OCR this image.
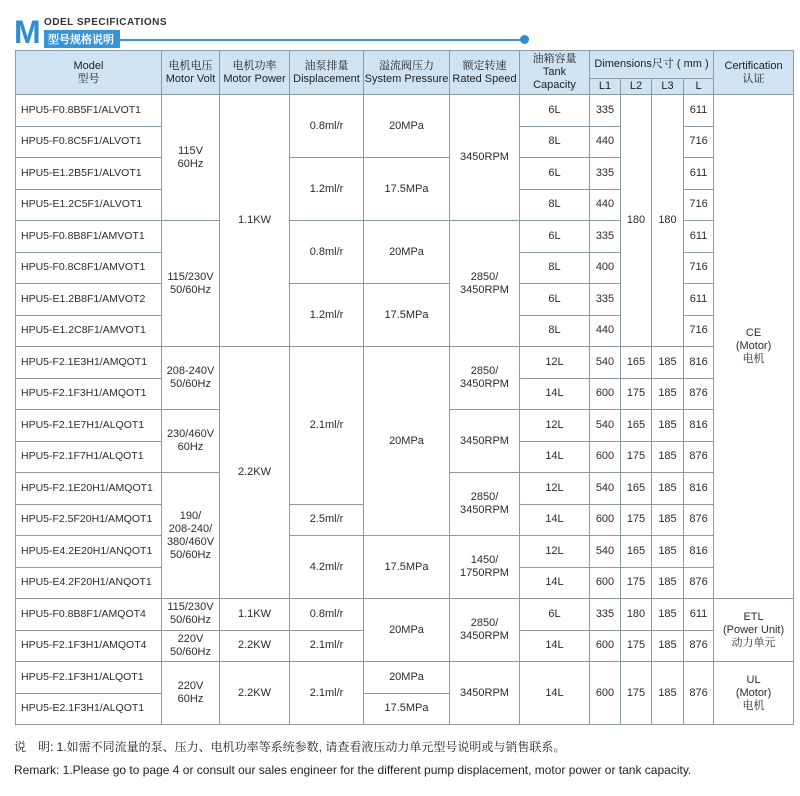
M ODEL SPECIFICATIONS
型号规格说明
Model
型号	电机电压
Motor Volt	电机功率
Motor Power	油泵排量
Displacement	溢流阀压力
System Pressure	额定转速
Rated Speed	油箱容量
Tank Capacity	Dimensions尺寸 ( mm )				Certification
认证
							L1	L2	L3	L	
HPU5-F0.8B5F1/ALVOT1	115V
60Hz	1.1KW	0.8ml/r	20MPa	3450RPM	6L	335	180	180	611	CE
(Motor)
电机
HPU5-F0.8C5F1/ALVOT1						8L	440			716	
HPU5-E1.2B5F1/ALVOT1			1.2ml/r	17.5MPa		6L	335			611	
HPU5-E1.2C5F1/ALVOT1						8L	440			716	
HPU5-F0.8B8F1/AMVOT1	115/230V
50/60Hz		0.8ml/r	20MPa	2850/
3450RPM	6L	335			611	
HPU5-F0.8C8F1/AMVOT1						8L	400			716	
HPU5-E1.2B8F1/AMVOT2			1.2ml/r	17.5MPa		6L	335			611	
HPU5-E1.2C8F1/AMVOT1						8L	440			716	
HPU5-F2.1E3H1/AMQOT1	208-240V
50/60Hz	2.2KW	2.1ml/r	20MPa	2850/
3450RPM	12L	540	165	185	816	
HPU5-F2.1F3H1/AMQOT1						14L	600	175	185	876	
HPU5-F2.1E7H1/ALQOT1	230/460V
60Hz				3450RPM	12L	540	165	185	816	
HPU5-F2.1F7H1/ALQOT1						14L	600	175	185	876	
HPU5-F2.1E20H1/AMQOT1	190/
208-240/
380/460V
50/60Hz				2850/
3450RPM	12L	540	165	185	816	
HPU5-F2.5F20H1/AMQOT1			2.5ml/r			14L	600	175	185	876	
HPU5-E4.2E20H1/ANQOT1			4.2ml/r	17.5MPa	1450/
1750RPM	12L	540	165	185	816	
HPU5-E4.2F20H1/ANQOT1						14L	600	175	185	876	
HPU5-F0.8B8F1/AMQOT4	115/230V
50/60Hz	1.1KW	0.8ml/r	20MPa	2850/
3450RPM	6L	335	180	185	611	ETL
(Power Unit)
动力单元
HPU5-F2.1F3H1/AMQOT4	220V
50/60Hz	2.2KW	2.1ml/r			14L	600	175	185	876	
HPU5-F2.1F3H1/ALQOT1	220V
60Hz	2.2KW	2.1ml/r	20MPa	3450RPM	14L	600	175	185	876	UL
(Motor)
电机
HPU5-E2.1F3H1/ALQOT1				17.5MPa							
说　明: 1.如需不同流量的泵、压力、电机功率等系统参数, 请查看液压动力单元型号说明或与销售联系。
Remark: 1.Please go to page 4 or consult our sales engineer for the different pump displacement, motor power or tank capacity.
